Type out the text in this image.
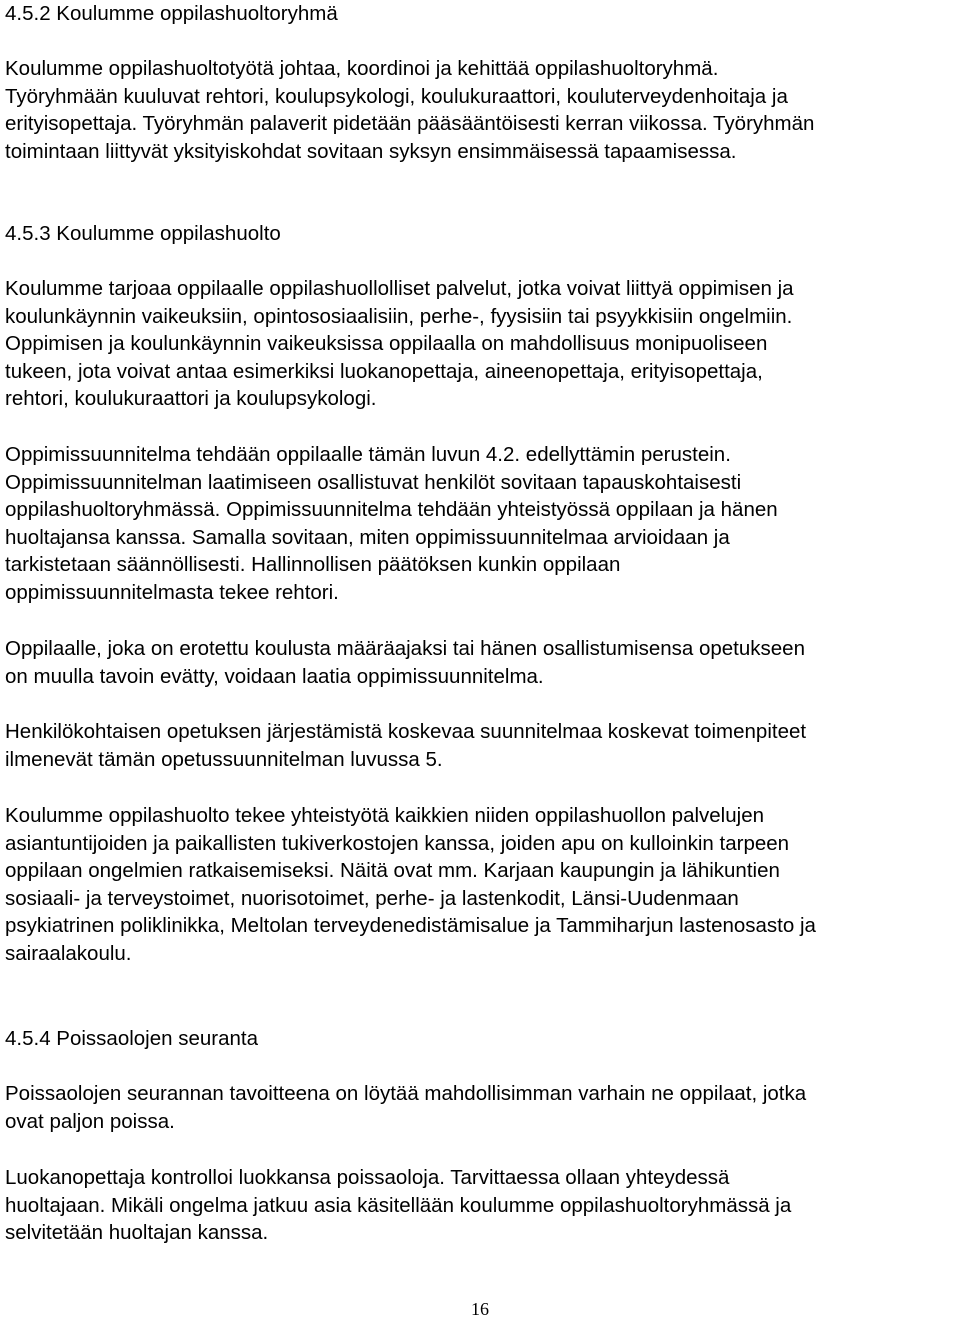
4.5.2 Koulumme oppilashuoltoryhmä

Koulumme oppilashuoltotyötä johtaa, koordinoi ja kehittää oppilashuoltoryhmä.

Työryhmään kuuluvat rehtori, koulupsykologi, koulukuraattori, kouluterveydenhoitaja ja

erityisopettaja. Työryhmän palaverit pidetään pääsääntöisesti kerran viikossa. Työryhmän

toimintaan liittyvät yksityiskohdat sovitaan syksyn ensimmäisessä tapaamisessa.

4.5.3 Koulumme oppilashuolto

Koulumme tarjoaa oppilaalle oppilashuollolliset palvelut, jotka voivat liittyä oppimisen ja

koulunkäynnin vaikeuksiin, opintososiaalisiin, perhe-, fyysisiin tai psyykkisiin ongelmiin.

Oppimisen ja koulunkäynnin vaikeuksissa oppilaalla on mahdollisuus monipuoliseen

tukeen, jota voivat antaa esimerkiksi luokanopettaja, aineenopettaja, erityisopettaja,

rehtori, koulukuraattori ja koulupsykologi.

Oppimissuunnitelma tehdään oppilaalle tämän luvun 4.2. edellyttämin perustein.

Oppimissuunnitelman laatimiseen osallistuvat henkilöt sovitaan tapauskohtaisesti

oppilashuoltoryhmässä. Oppimissuunnitelma tehdään yhteistyössä oppilaan ja hänen

huoltajansa kanssa. Samalla sovitaan, miten oppimissuunnitelmaa arvioidaan ja

tarkistetaan säännöllisesti. Hallinnollisen päätöksen kunkin oppilaan

oppimissuunnitelmasta tekee rehtori.

Oppilaalle, joka on erotettu koulusta määräajaksi tai hänen osallistumisensa opetukseen

on muulla tavoin evätty, voidaan laatia oppimissuunnitelma.

Henkilökohtaisen opetuksen järjestämistä koskevaa suunnitelmaa koskevat toimenpiteet

ilmenevät tämän opetussuunnitelman luvussa 5.

Koulumme oppilashuolto tekee yhteistyötä kaikkien niiden oppilashuollon palvelujen

asiantuntijoiden ja paikallisten tukiverkostojen kanssa, joiden apu on kulloinkin tarpeen

oppilaan ongelmien ratkaisemiseksi. Näitä ovat mm. Karjaan kaupungin ja lähikuntien

sosiaali- ja terveystoimet, nuorisotoimet, perhe- ja lastenkodit, Länsi-Uudenmaan

psykiatrinen poliklinikka, Meltolan terveydenedistämisalue ja Tammiharjun lastenosasto ja

sairaalakoulu.

4.5.4 Poissaolojen seuranta

Poissaolojen seurannan tavoitteena on löytää mahdollisimman varhain ne oppilaat, jotka

ovat paljon poissa.

Luokanopettaja kontrolloi luokkansa poissaoloja. Tarvittaessa ollaan yhteydessä

huoltajaan. Mikäli ongelma jatkuu asia käsitellään koulumme oppilashuoltoryhmässä ja

selvitetään huoltajan kanssa.

16
